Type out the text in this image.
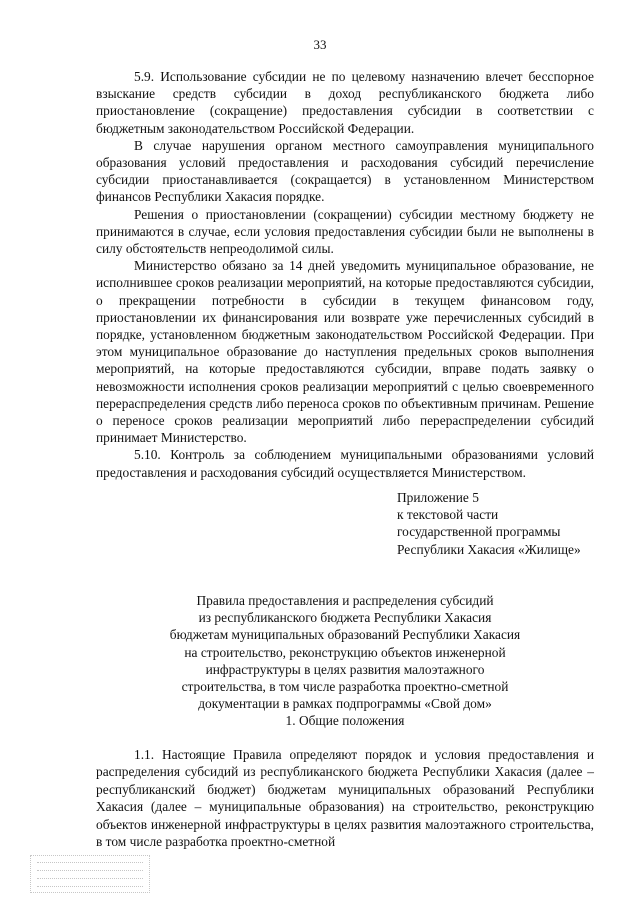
33

5.9. Использование субсидии не по целевому назначению влечет бесспорное взыскание средств субсидии в доход республиканского бюджета либо приостановление (сокращение) предоставления субсидии в соответствии с бюджетным законодательством Российской Федерации.

В случае нарушения органом местного самоуправления муниципального образования условий предоставления и расходования субсидий перечисление субсидии приостанавливается (сокращается) в установленном Министерством финансов Республики Хакасия порядке.

Решения о приостановлении (сокращении) субсидии местному бюджету не принимаются в случае, если условия предоставления субсидии были не выполнены в силу обстоятельств непреодолимой силы.

Министерство обязано за 14 дней уведомить муниципальное образование, не исполнившее сроков реализации мероприятий, на которые предоставляются субсидии, о прекращении потребности в субсидии в текущем финансовом году, приостановлении их финансирования или возврате уже перечисленных субсидий в порядке, установленном бюджетным законодательством Российской Федерации. При этом муниципальное образование до наступления предельных сроков выполнения мероприятий, на которые предоставляются субсидии, вправе подать заявку о невозможности исполнения сроков реализации мероприятий с целью своевременного перераспределения средств либо переноса сроков по объективным причинам. Решение о переносе сроков реализации мероприятий либо перераспределении субсидий принимает Министерство.

5.10. Контроль за соблюдением муниципальными образованиями условий предоставления и расходования субсидий осуществляется Министерством.

Приложение 5
к текстовой части
государственной программы
Республики Хакасия «Жилище»
Правила предоставления и распределения субсидий
из республиканского бюджета Республики Хакасия
бюджетам муниципальных образований Республики Хакасия
на строительство, реконструкцию объектов инженерной
инфраструктуры в целях развития малоэтажного
строительства, в том числе разработка проектно-сметной
документации в рамках подпрограммы «Свой дом»
1. Общие положения

1.1. Настоящие Правила определяют порядок и условия предоставления и распределения субсидий из республиканского бюджета Республики Хакасия (далее – республиканский бюджет) бюджетам муниципальных образований Республики Хакасия (далее – муниципальные образования) на строительство, реконструкцию объектов инженерной инфраструктуры в целях развития малоэтажного строительства, в том числе разработка проектно-сметной
